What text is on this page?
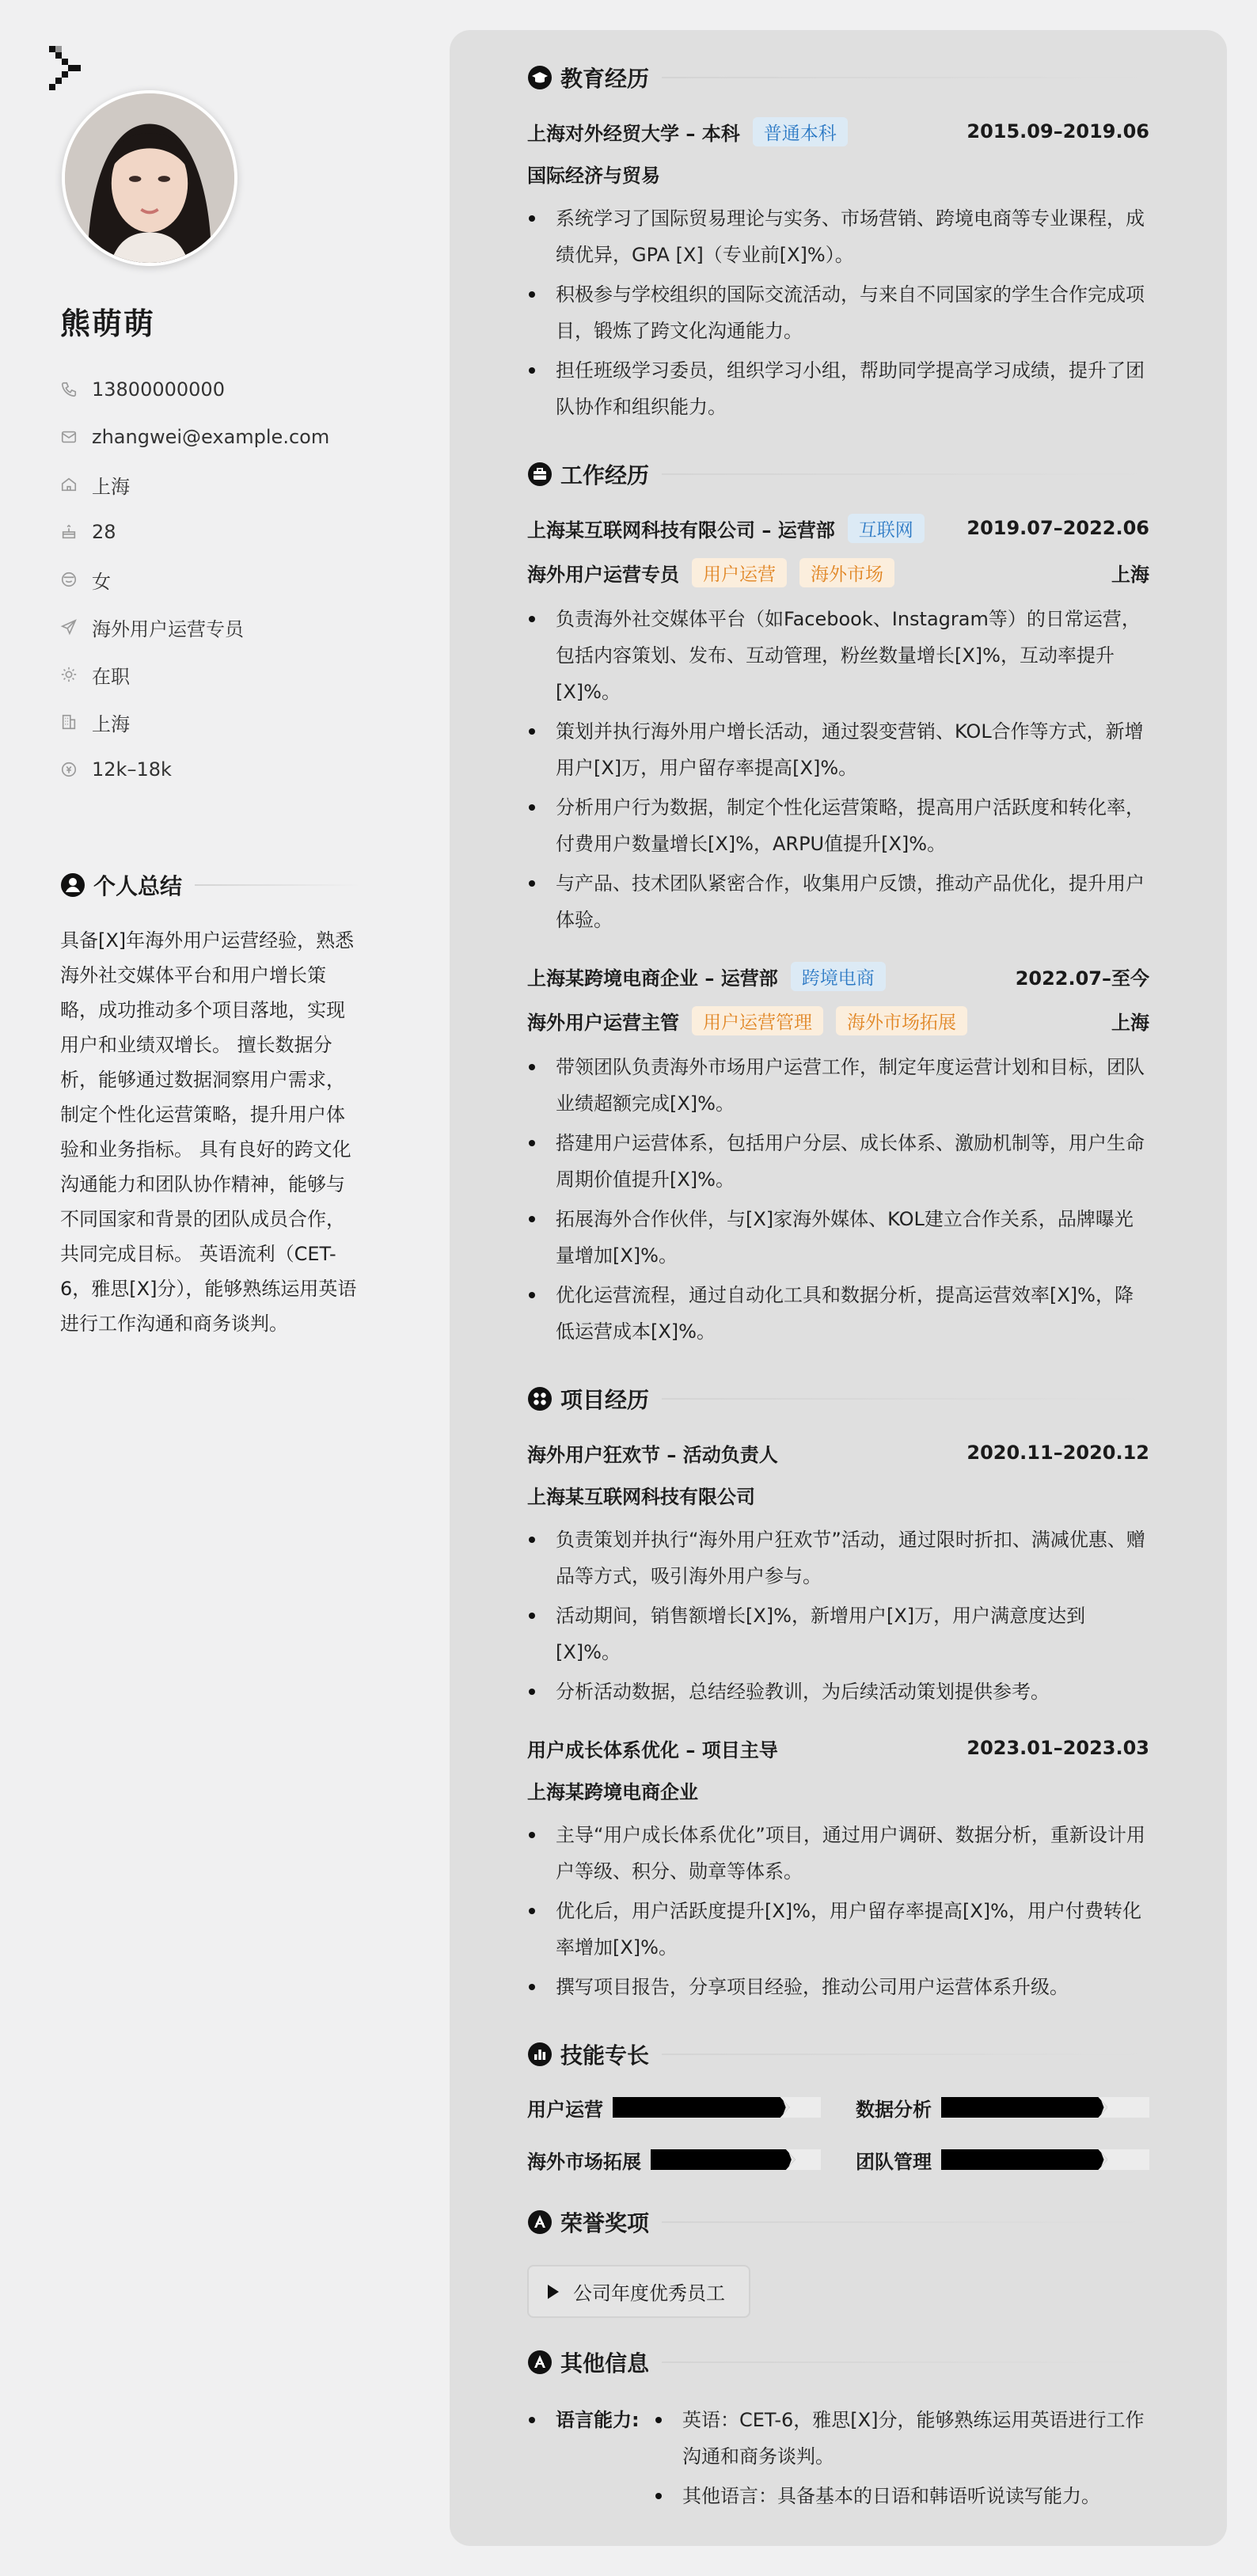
熊萌萌
13800000000
zhangwei@example.com
上海
28
女
海外用户运营专员
在职
上海
12k–18k
个人总结
具备[X]年海外用户运营经验，熟悉海外社交媒体平台和用户增长策略，成功推动多个项目落地，实现用户和业绩双增长。 擅长数据分析，能够通过数据洞察用户需求，制定个性化运营策略，提升用户体验和业务指标。 具有良好的跨文化沟通能力和团队协作精神，能够与不同国家和背景的团队成员合作，共同完成目标。 英语流利（CET-6，雅思[X]分），能够熟练运用英语进行工作沟通和商务谈判。
教育经历
上海对外经贸大学 – 本科	普通本科	2015.09–2019.06
国际经济与贸易
系统学习了国际贸易理论与实务、市场营销、跨境电商等专业课程，成绩优异，GPA [X]（专业前[X]%）。
积极参与学校组织的国际交流活动，与来自不同国家的学生合作完成项目，锻炼了跨文化沟通能力。
担任班级学习委员，组织学习小组，帮助同学提高学习成绩，提升了团队协作和组织能力。
工作经历
上海某互联网科技有限公司 – 运营部	互联网	2019.07–2022.06
海外用户运营专员	用户运营	海外市场	上海
负责海外社交媒体平台（如Facebook、Instagram等）的日常运营，包括内容策划、发布、互动管理，粉丝数量增长[X]%，互动率提升[X]%。
策划并执行海外用户增长活动，通过裂变营销、KOL合作等方式，新增用户[X]万，用户留存率提高[X]%。
分析用户行为数据，制定个性化运营策略，提高用户活跃度和转化率，付费用户数量增长[X]%，ARPU值提升[X]%。
与产品、技术团队紧密合作，收集用户反馈，推动产品优化，提升用户体验。
上海某跨境电商企业 – 运营部	跨境电商	2022.07–至今
海外用户运营主管	用户运营管理	海外市场拓展	上海
带领团队负责海外市场用户运营工作，制定年度运营计划和目标，团队业绩超额完成[X]%。
搭建用户运营体系，包括用户分层、成长体系、激励机制等，用户生命周期价值提升[X]%。
拓展海外合作伙伴，与[X]家海外媒体、KOL建立合作关系，品牌曝光量增加[X]%。
优化运营流程，通过自动化工具和数据分析，提高运营效率[X]%，降低运营成本[X]%。
项目经历
海外用户狂欢节 – 活动负责人	2020.11–2020.12
上海某互联网科技有限公司
负责策划并执行“海外用户狂欢节”活动，通过限时折扣、满减优惠、赠品等方式，吸引海外用户参与。
活动期间，销售额增长[X]%，新增用户[X]万，用户满意度达到[X]%。
分析活动数据，总结经验教训，为后续活动策划提供参考。
用户成长体系优化 – 项目主导	2023.01–2023.03
上海某跨境电商企业
主导“用户成长体系优化”项目，通过用户调研、数据分析，重新设计用户等级、积分、勋章等体系。
优化后，用户活跃度提升[X]%，用户留存率提高[X]%，用户付费转化率增加[X]%。
撰写项目报告，分享项目经验，推动公司用户运营体系升级。
技能专长
用户运营	数据分析
海外市场拓展	团队管理
荣誉奖项
公司年度优秀员工
其他信息
语言能力:	英语：CET-6，雅思[X]分，能够熟练运用英语进行工作沟通和商务谈判。
其他语言：具备基本的日语和韩语听说读写能力。
